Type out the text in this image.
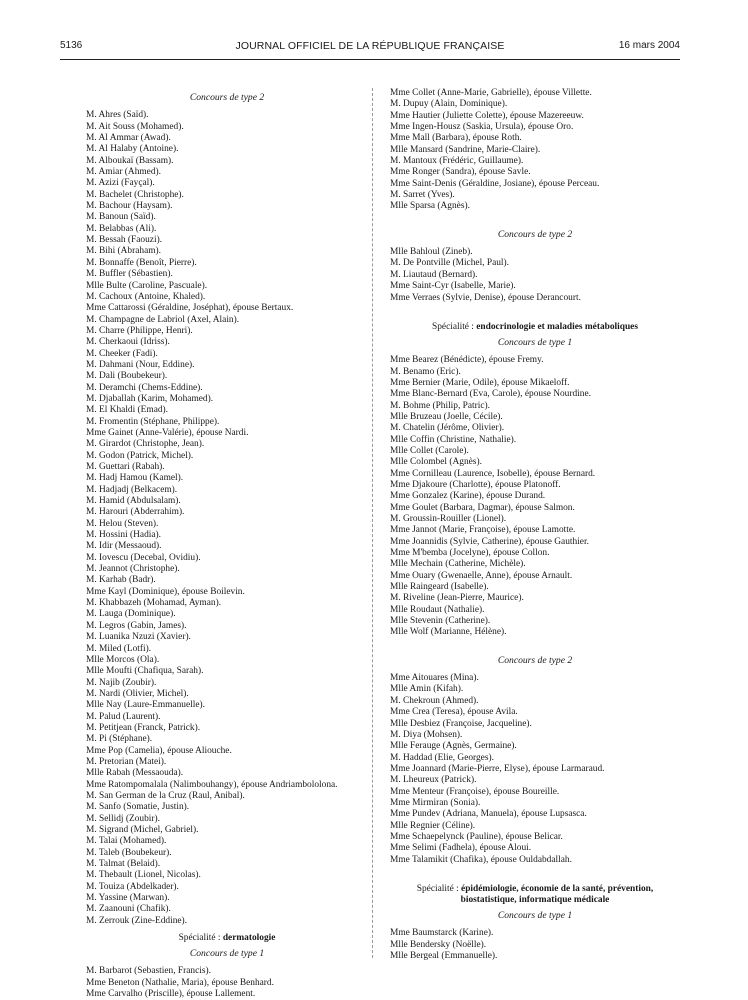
5136	JOURNAL OFFICIEL DE LA RÉPUBLIQUE FRANÇAISE	16 mars 2004
Concours de type 2
M. Ahres (Saïd).
M. Ait Souss (Mohamed).
M. Al Ammar (Awad).
M. Al Halaby (Antoine).
M. Alboukaï (Bassam).
M. Amiar (Ahmed).
M. Azizi (Fayçal).
M. Bachelet (Christophe).
M. Bachour (Haysam).
M. Banoun (Saïd).
M. Belabbas (Ali).
M. Bessah (Faouzi).
M. Bihi (Abraham).
M. Bonnaffe (Benoît, Pierre).
M. Buffler (Sébastien).
Mlle Bulte (Caroline, Pascuale).
M. Cachoux (Antoine, Khaled).
Mme Cattarossi (Géraldine, Joséphat), épouse Bertaux.
M. Champagne de Labriol (Axel, Alain).
M. Charre (Philippe, Henri).
M. Cherkaoui (Idriss).
M. Cheeker (Fadi).
M. Dahmani (Nour, Eddine).
M. Dali (Boubekeur).
M. Deramchi (Chems-Eddine).
M. Djaballah (Karim, Mohamed).
M. El Khaldi (Emad).
M. Fromentin (Stéphane, Philippe).
Mme Gainet (Anne-Valérie), épouse Nardi.
M. Girardot (Christophe, Jean).
M. Godon (Patrick, Michel).
M. Guettari (Rabah).
M. Hadj Hamou (Kamel).
M. Hadjadj (Belkacem).
M. Hamid (Abdulsalam).
M. Harouri (Abderrahim).
M. Helou (Steven).
M. Hossini (Hadia).
M. Idir (Messaoud).
M. Iovescu (Decebal, Ovidiu).
M. Jeannot (Christophe).
M. Karhab (Badr).
Mme Kayl (Dominique), épouse Boilevin.
M. Khabbazeh (Mohamad, Ayman).
M. Lauga (Dominique).
M. Legros (Gabin, James).
M. Luanika Nzuzi (Xavier).
M. Miled (Lotfi).
Mlle Morcos (Ola).
Mlle Moufti (Chafiqua, Sarah).
M. Najib (Zoubir).
M. Nardi (Olivier, Michel).
Mlle Nay (Laure-Emmanuelle).
M. Palud (Laurent).
M. Petitjean (Franck, Patrick).
M. Pi (Stéphane).
Mme Pop (Camelia), épouse Aliouche.
M. Pretorian (Matei).
Mlle Rabah (Messaouda).
Mme Ratompomalala (Nalimbouhangy), épouse Andriambololona.
M. San German de la Cruz (Raul, Anibal).
M. Sanfo (Somatie, Justin).
M. Sellidj (Zoubir).
M. Sigrand (Michel, Gabriel).
M. Talai (Mohamed).
M. Taleb (Boubekeur).
M. Talmat (Belaid).
M. Thebault (Lionel, Nicolas).
M. Touiza (Abdelkader).
M. Yassine (Marwan).
M. Zaanouni (Chafik).
M. Zerrouk (Zine-Eddine).
Spécialité : dermatologie
Concours de type 1
M. Barbarot (Sebastien, Francis).
Mme Beneton (Nathalie, Maria), épouse Benhard.
Mme Carvalho (Priscille), épouse Lallement.
Mme Collet (Anne-Marie, Gabrielle), épouse Villette.
M. Dupuy (Alain, Dominique).
Mme Hautier (Juliette Colette), épouse Mazereeuw.
Mme Ingen-Housz (Saskia, Ursula), épouse Oro.
Mme Mall (Barbara), épouse Roth.
Mlle Mansard (Sandrine, Marie-Claire).
M. Mantoux (Frédéric, Guillaume).
Mme Ronger (Sandra), épouse Savle.
Mme Saint-Denis (Géraldine, Josiane), épouse Perceau.
M. Sarret (Yves).
Mlle Sparsa (Agnès).
Concours de type 2
Mlle Bahloul (Zineb).
M. De Pontville (Michel, Paul).
M. Liautaud (Bernard).
Mme Saint-Cyr (Isabelle, Marie).
Mme Verraes (Sylvie, Denise), épouse Derancourt.
Spécialité : endocrinologie et maladies métaboliques
Concours de type 1
Mme Bearez (Bénédicte), épouse Fremy.
M. Benamo (Eric).
Mme Bernier (Marie, Odile), épouse Mikaeloff.
Mme Blanc-Bernard (Eva, Carole), épouse Nourdine.
M. Bohme (Philip, Patric).
Mlle Bruzeau (Joelle, Cécile).
M. Chatelin (Jérôme, Olivier).
Mlle Coffin (Christine, Nathalie).
Mlle Collet (Carole).
Mlle Colombel (Agnès).
Mme Cornilleau (Laurence, Isobelle), épouse Bernard.
Mme Djakoure (Charlotte), épouse Platonoff.
Mme Gonzalez (Karine), épouse Durand.
Mme Goulet (Barbara, Dagmar), épouse Salmon.
M. Groussin-Rouiller (Lionel).
Mme Jannot (Marie, Françoise), épouse Lamotte.
Mme Joannidis (Sylvie, Catherine), épouse Gauthier.
Mme M'bemba (Jocelyne), épouse Collon.
Mlle Mechain (Catherine, Michèle).
Mme Ouary (Gwenaelle, Anne), épouse Arnault.
Mlle Raingeard (Isabelle).
M. Riveline (Jean-Pierre, Maurice).
Mlle Roudaut (Nathalie).
Mlle Stevenin (Catherine).
Mlle Wolf (Marianne, Hélène).
Concours de type 2
Mme Aitouares (Mina).
Mlle Amin (Kifah).
M. Chekroun (Ahmed).
Mme Crea (Teresa), épouse Avila.
Mlle Desbiez (Françoise, Jacqueline).
M. Diya (Mohsen).
Mlle Ferauge (Agnès, Germaine).
M. Haddad (Elie, Georges).
Mme Joannard (Marie-Pierre, Elyse), épouse Larmaraud.
M. Lheureux (Patrick).
Mme Menteur (Françoise), épouse Boureille.
Mme Mirmiran (Sonia).
Mme Pundev (Adriana, Manuela), épouse Lupsasca.
Mlle Regnier (Céline).
Mme Schaepelynck (Pauline), épouse Belicar.
Mme Selimi (Fadhela), épouse Aloui.
Mme Talamikit (Chafika), épouse Ouldabdallah.
Spécialité : épidémiologie, économie de la santé, prévention,
biostatistique, informatique médicale
Concours de type 1
Mme Baumstarck (Karine).
Mlle Bendersky (Noëlle).
Mlle Bergeal (Emmanuelle).
